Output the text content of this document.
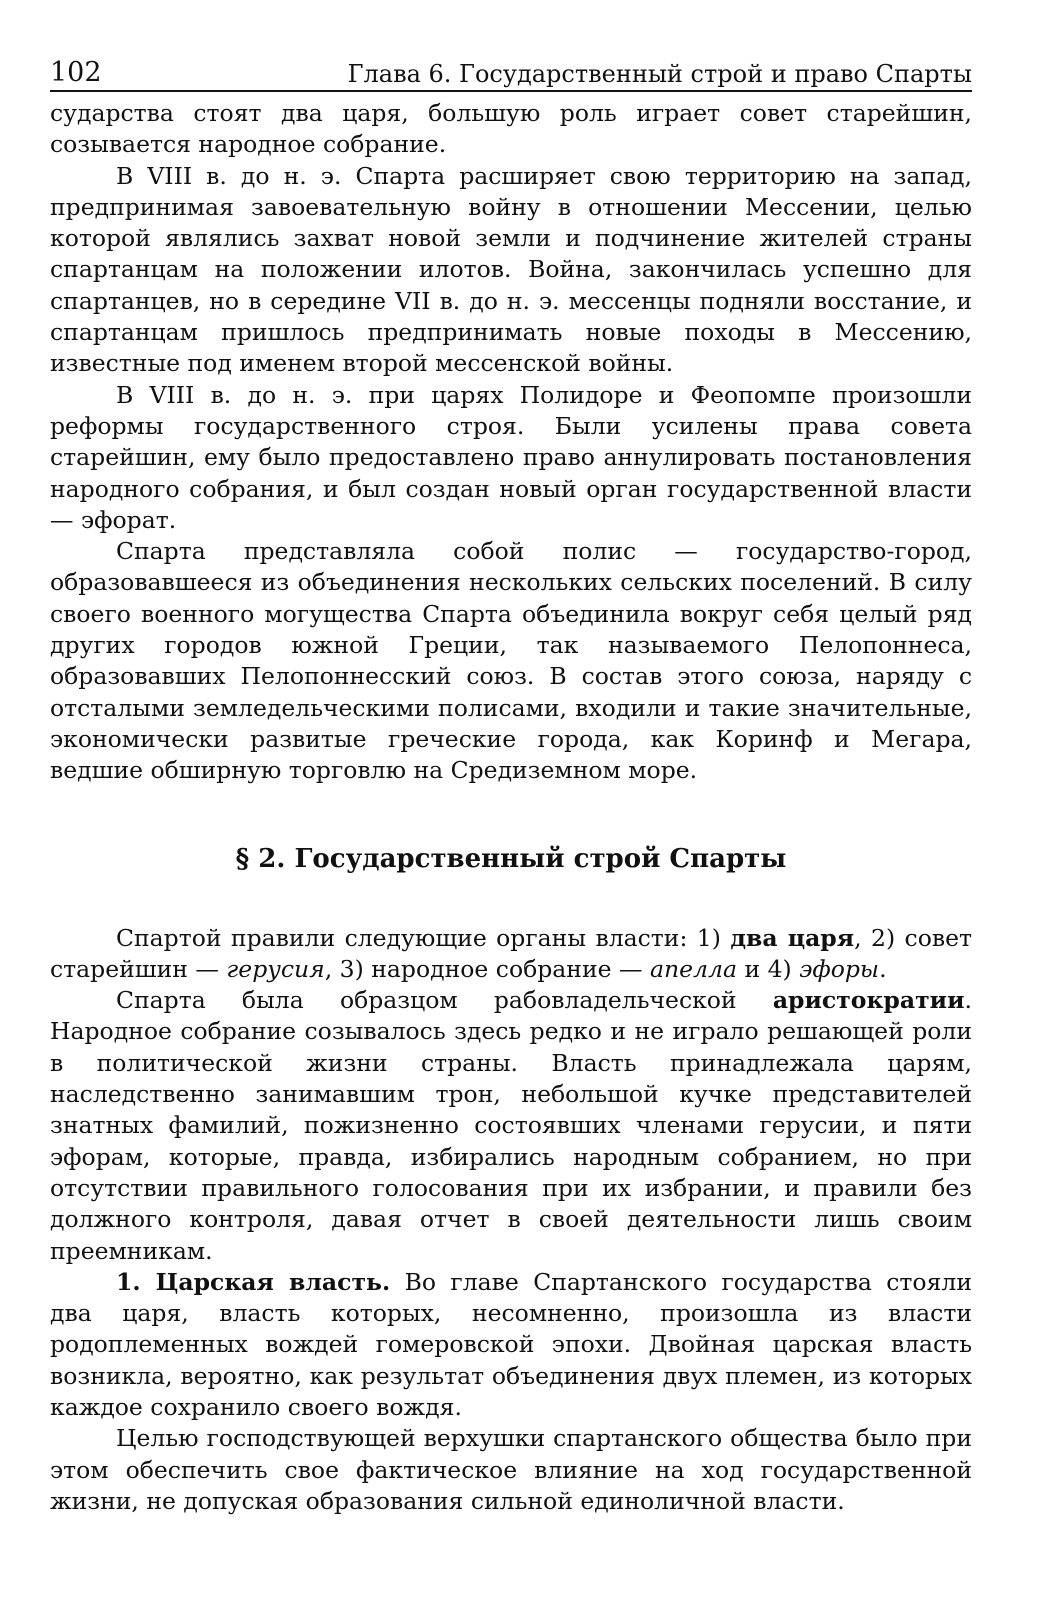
102	Глава 6. Государственный строй и право Спарты

сударства стоят два царя, большую роль играет совет старейшин, созывается народное собрание.

В VIII в. до н. э. Спарта расширяет свою территорию на запад, предпринимая завоевательную войну в отношении Мессении, целью которой являлись захват новой земли и подчинение жителей страны спартанцам на положении илотов. Война, закончилась успешно для спартанцев, но в середине VII в. до н. э. мессенцы подняли восстание, и спартанцам пришлось предпринимать новые походы в Мессению, известные под именем второй мессенской войны.

В VIII в. до н. э. при царях Полидоре и Феопомпе произошли реформы государственного строя. Были усилены права совета старейшин, ему было предоставлено право аннулировать постановления народного собрания, и был создан новый орган государственной власти — эфорат.

Спарта представляла собой полис — государство-город, образовавшееся из объединения нескольких сельских поселений. В силу своего военного могущества Спарта объединила вокруг себя целый ряд других городов южной Греции, так называемого Пелопоннеса, образовавших Пелопоннесский союз. В состав этого союза, наряду с отсталыми земледельческими полисами, входили и такие значительные, экономически развитые греческие города, как Коринф и Мегара, ведшие обширную торговлю на Средиземном море.

§ 2. Государственный строй Спарты

Спартой правили следующие органы власти: 1) два царя, 2) совет старейшин — герусия, 3) народное собрание — апелла и 4) эфоры.

Спарта была образцом рабовладельческой аристократии. Народное собрание созывалось здесь редко и не играло решающей роли в политической жизни страны. Власть принадлежала царям, наследственно занимавшим трон, небольшой кучке представителей знатных фамилий, пожизненно состоявших членами герусии, и пяти эфорам, которые, правда, избирались народным собранием, но при отсутствии правильного голосования при их избрании, и правили без должного контроля, давая отчет в своей деятельности лишь своим преемникам.

1. Царская власть. Во главе Спартанского государства стояли два царя, власть которых, несомненно, произошла из власти родоплеменных вождей гомеровской эпохи. Двойная царская власть возникла, вероятно, как результат объединения двух племен, из которых каждое сохранило своего вождя.

Целью господствующей верхушки спартанского общества было при этом обеспечить свое фактическое влияние на ход государственной жизни, не допуская образования сильной единоличной власти.
